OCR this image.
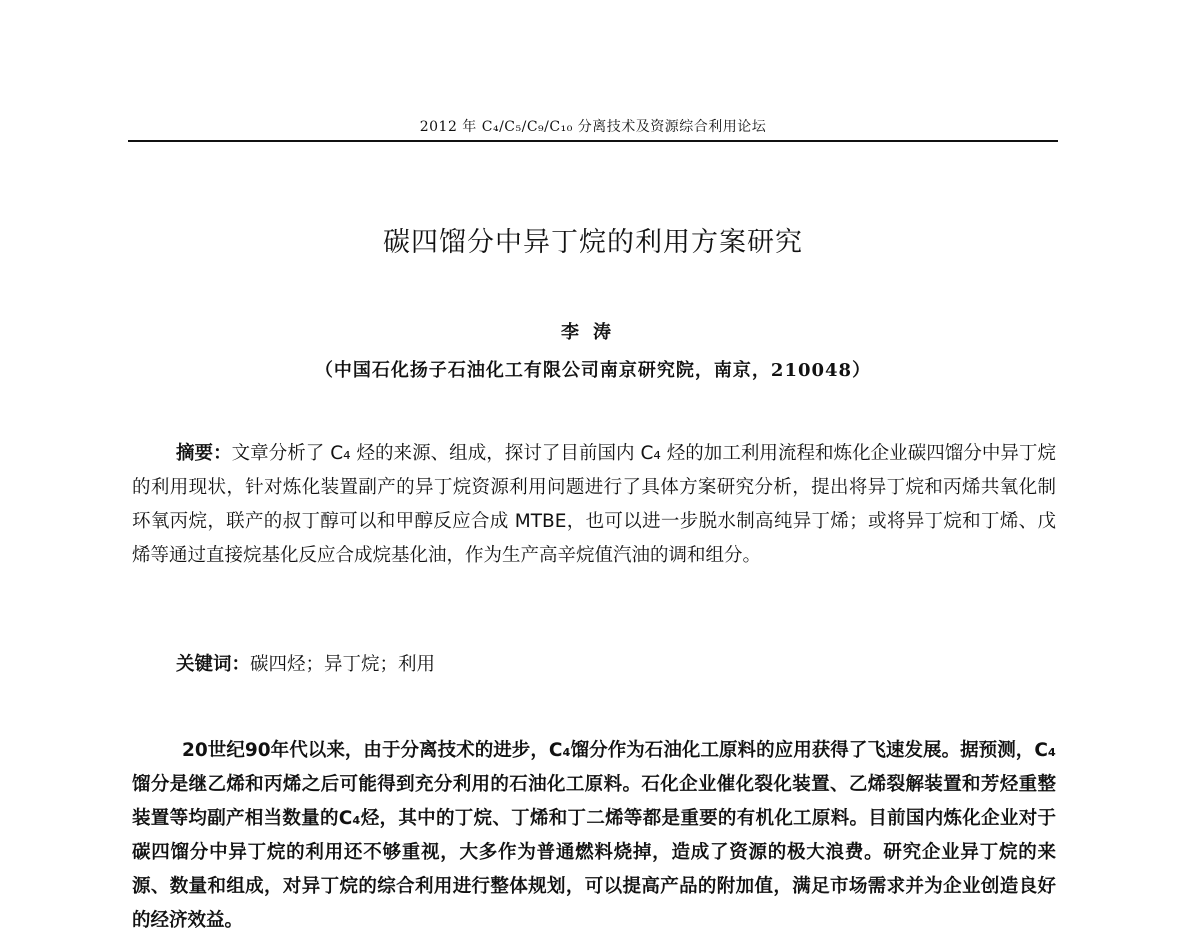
2012 年 C₄/C₅/C₉/C₁₀ 分离技术及资源综合利用论坛
碳四馏分中异丁烷的利用方案研究
李涛
（中国石化扬子石油化工有限公司南京研究院，南京，210048）
摘要：文章分析了 C₄ 烃的来源、组成，探讨了目前国内 C₄ 烃的加工利用流程和炼化企业碳四馏分中异丁烷的利用现状，针对炼化装置副产的异丁烷资源利用问题进行了具体方案研究分析，提出将异丁烷和丙烯共氧化制环氧丙烷，联产的叔丁醇可以和甲醇反应合成 MTBE，也可以进一步脱水制高纯异丁烯；或将异丁烷和丁烯、戊烯等通过直接烷基化反应合成烷基化油，作为生产高辛烷值汽油的调和组分。
关键词：碳四烃；异丁烷；利用
20世纪90年代以来，由于分离技术的进步，C₄馏分作为石油化工原料的应用获得了飞速发展。据预测，C₄馏分是继乙烯和丙烯之后可能得到充分利用的石油化工原料。石化企业催化裂化装置、乙烯裂解装置和芳烃重整装置等均副产相当数量的C₄烃，其中的丁烷、丁烯和丁二烯等都是重要的有机化工原料。目前国内炼化企业对于碳四馏分中异丁烷的利用还不够重视，大多作为普通燃料烧掉，造成了资源的极大浪费。研究企业异丁烷的来源、数量和组成，对异丁烷的综合利用进行整体规划，可以提高产品的附加值，满足市场需求并为企业创造良好的经济效益。
